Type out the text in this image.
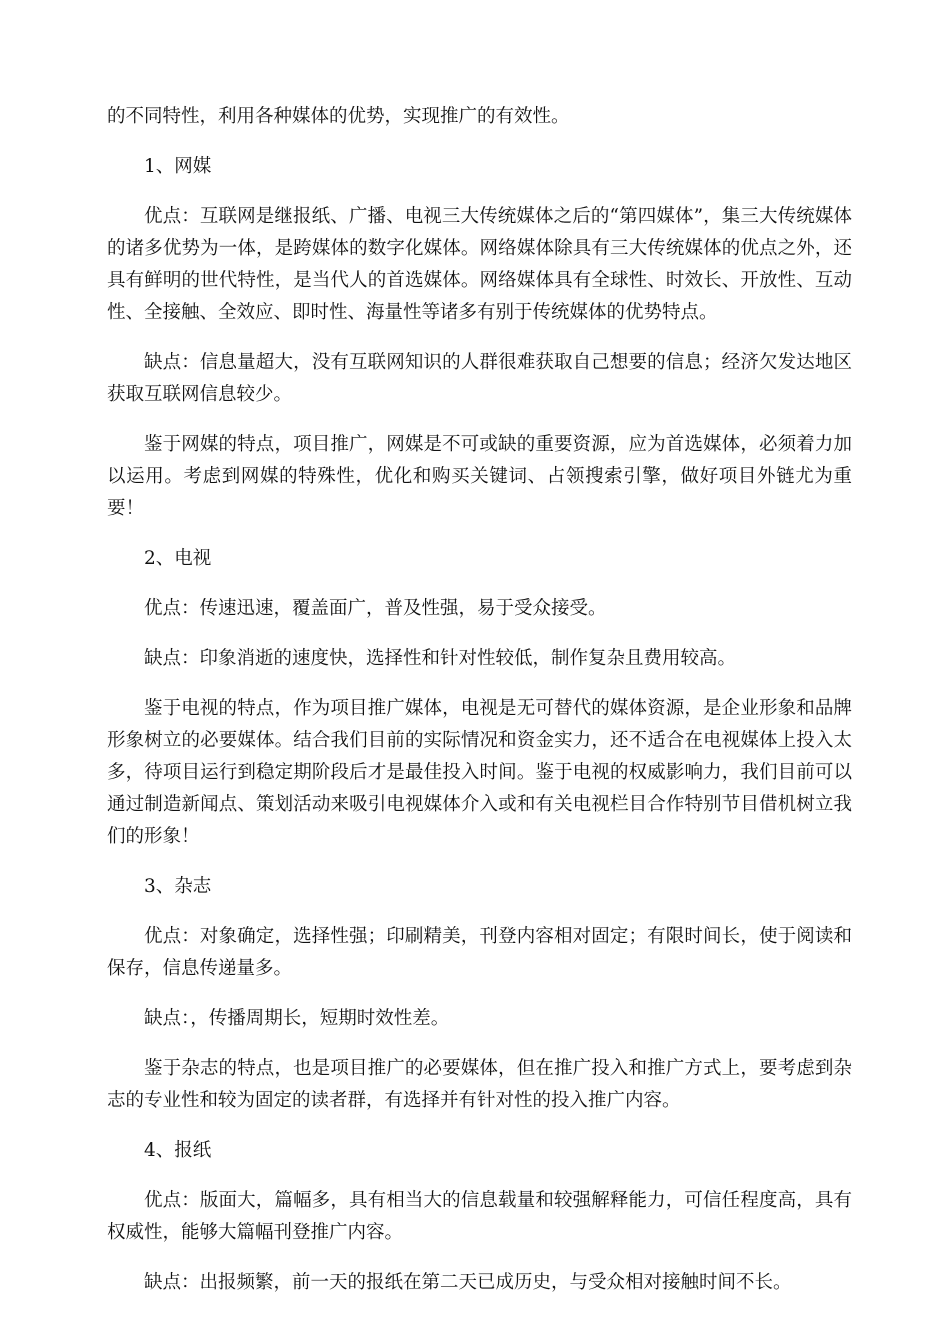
的不同特性，利用各种媒体的优势，实现推广的有效性。

1、网媒

优点：互联网是继报纸、广播、电视三大传统媒体之后的“第四媒体”，集三大传统媒体的诸多优势为一体，是跨媒体的数字化媒体。网络媒体除具有三大传统媒体的优点之外，还具有鲜明的世代特性，是当代人的首选媒体。网络媒体具有全球性、时效长、开放性、互动性、全接触、全效应、即时性、海量性等诸多有别于传统媒体的优势特点。

缺点：信息量超大，没有互联网知识的人群很难获取自己想要的信息；经济欠发达地区获取互联网信息较少。

鉴于网媒的特点，项目推广，网媒是不可或缺的重要资源，应为首选媒体，必须着力加以运用。考虑到网媒的特殊性，优化和购买关键词、占领搜索引擎，做好项目外链尤为重要！

2、电视

优点：传速迅速，覆盖面广，普及性强，易于受众接受。

缺点：印象消逝的速度快，选择性和针对性较低，制作复杂且费用较高。

鉴于电视的特点，作为项目推广媒体，电视是无可替代的媒体资源，是企业形象和品牌形象树立的必要媒体。结合我们目前的实际情况和资金实力，还不适合在电视媒体上投入太多，待项目运行到稳定期阶段后才是最佳投入时间。鉴于电视的权威影响力，我们目前可以通过制造新闻点、策划活动来吸引电视媒体介入或和有关电视栏目合作特别节目借机树立我们的形象！

3、杂志

优点：对象确定，选择性强；印刷精美，刊登内容相对固定；有限时间长，使于阅读和保存，信息传递量多。

缺点：，传播周期长，短期时效性差。

鉴于杂志的特点，也是项目推广的必要媒体，但在推广投入和推广方式上，要考虑到杂志的专业性和较为固定的读者群，有选择并有针对性的投入推广内容。

4、报纸

优点：版面大，篇幅多，具有相当大的信息载量和较强解释能力，可信任程度高，具有权威性，能够大篇幅刊登推广内容。

缺点：出报频繁，前一天的报纸在第二天已成历史，与受众相对接触时间不长。
